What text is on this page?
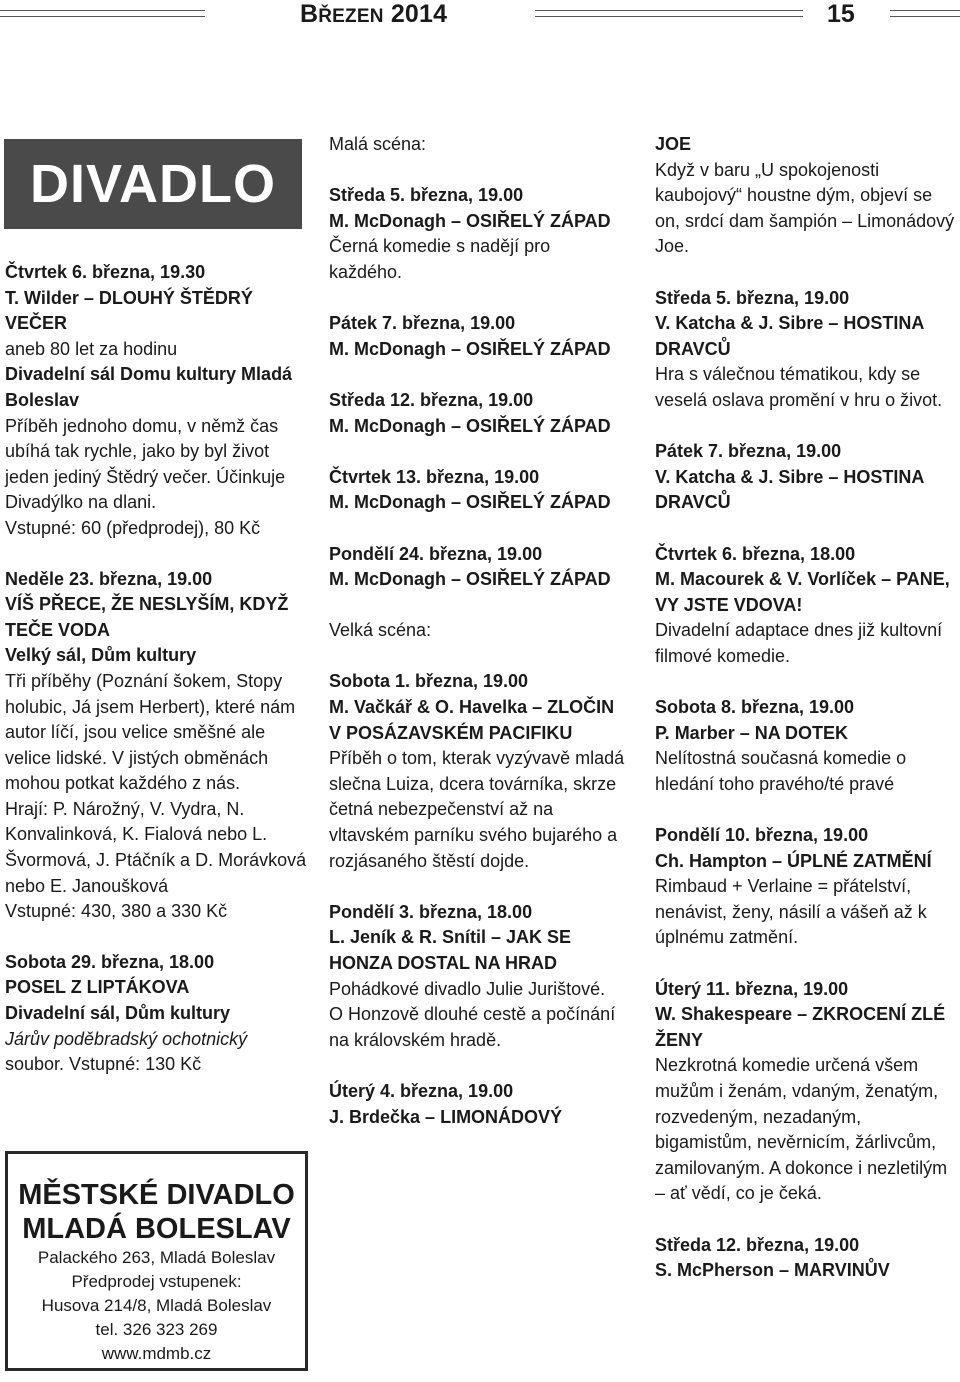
BŘEZEN 2014	15
DIVADLO

Čtvrtek 6. března, 19.30

T. Wilder – DLOUHÝ ŠTĚDRÝ VEČER

aneb 80 let za hodinu

Divadelní sál Domu kultury Mladá Boleslav

Příběh jednoho domu, v němž čas ubíhá tak rychle, jako by byl život jeden jediný Štědrý večer. Účinkuje Divadýlko na dlani.

Vstupné: 60 (předprodej), 80 Kč

Neděle 23. března, 19.00

VÍŠ PŘECE, ŽE NESLYŠÍM, KDYŽ TEČE VODA

Velký sál, Dům kultury

Tři příběhy (Poznání šokem, Stopy holubic, Já jsem Herbert), které nám autor líčí, jsou velice směšné ale velice lidské. V jistých obměnách mohou potkat každého z nás.

Hrají: P. Nárožný, V. Vydra, N. Konvalinková, K. Fialová nebo L. Švormová, J. Ptáčník a D. Morávková nebo E. Janoušková

Vstupné: 430, 380 a 330 Kč

Sobota 29. března, 18.00

POSEL Z LIPTÁKOVA

Divadelní sál, Dům kultury

Járův poděbradský ochotnický
soubor. Vstupné: 130 Kč

MĚSTSKÉ DIVADLO
MLADÁ BOLESLAV
Palackého 263, Mladá Boleslav
Předprodej vstupenek:
Husova 214/8, Mladá Boleslav
tel. 326 323 269
www.mdmb.cz

Malá scéna:

Středa 5. března, 19.00

M. McDonagh – OSIŘELÝ ZÁPAD

Černá komedie s nadějí pro každého.

Pátek 7. března, 19.00

M. McDonagh – OSIŘELÝ ZÁPAD

Středa 12. března, 19.00

M. McDonagh – OSIŘELÝ ZÁPAD

Čtvrtek 13. března, 19.00

M. McDonagh – OSIŘELÝ ZÁPAD

Pondělí 24. března, 19.00

M. McDonagh – OSIŘELÝ ZÁPAD

Velká scéna:

Sobota 1. března, 19.00

M. Vačkář & O. Havelka – ZLOČIN V POSÁZAVSKÉM PACIFIKU

Příběh o tom, kterak vyzývavě mladá slečna Luiza, dcera továrníka, skrze četná nebezpečenství až na vltavském parníku svého bujarého a rozjásaného štěstí dojde.

Pondělí 3. března, 18.00

L. Jeník & R. Snítil – JAK SE HONZA DOSTAL NA HRAD

Pohádkové divadlo Julie Jurištové.

O Honzově dlouhé cestě a počínání na královském hradě.

Úterý 4. března, 19.00

J. Brdečka – LIMONÁDOVÝ

JOE

Když v baru „U spokojenosti kaubojový“ houstne dým, objeví se on, srdcí dam šampión – Limonádový Joe.

Středa 5. března, 19.00

V. Katcha & J. Sibre – HOSTINA DRAVCŮ

Hra s válečnou tématikou, kdy se veselá oslava promění v hru o život.

Pátek 7. března, 19.00

V. Katcha & J. Sibre – HOSTINA DRAVCŮ

Čtvrtek 6. března, 18.00

M. Macourek & V. Vorlíček – PANE, VY JSTE VDOVA!

Divadelní adaptace dnes již kultovní filmové komedie.

Sobota 8. března, 19.00

P. Marber – NA DOTEK

Nelítostná současná komedie o hledání toho pravého/té pravé

Pondělí 10. března, 19.00

Ch. Hampton – ÚPLNÉ ZATMĚNÍ

Rimbaud + Verlaine = přátelství, nenávist, ženy, násilí a vášeň až k úplnému zatmění.

Úterý 11. března, 19.00

W. Shakespeare – ZKROCENÍ ZLÉ ŽENY

Nezkrotná komedie určená všem mužům i ženám, vdaným, ženatým, rozvedeným, nezadaným, bigamistům, nevěrnicím, žárlivcům, zamilovaným. A dokonce i nezletilým – ať vědí, co je čeká.

Středa 12. března, 19.00

S. McPherson – MARVINŮV
